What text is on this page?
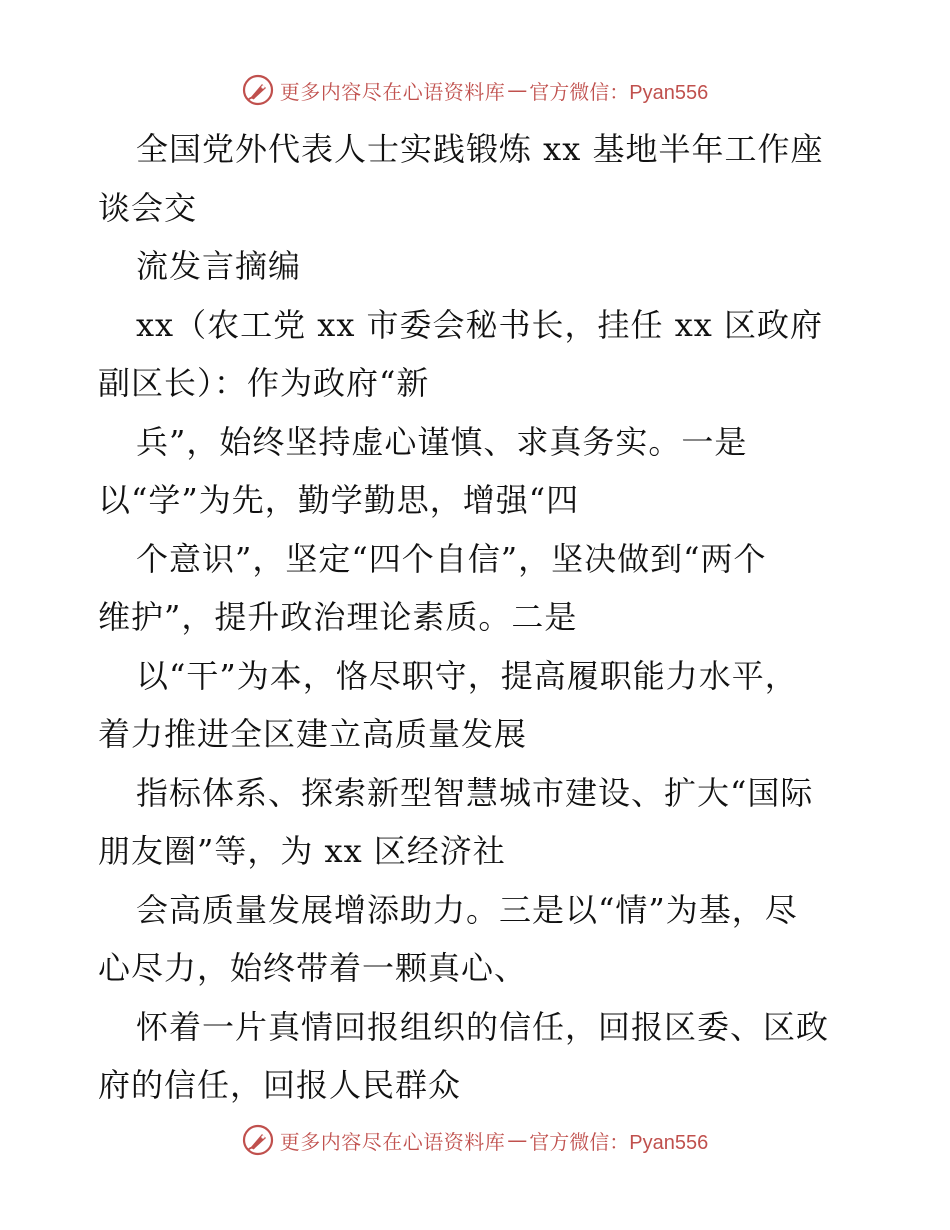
更多内容尽在心语资料库 — 官方微信：Pyan556
全国党外代表人士实践锻炼 xx 基地半年工作座
谈会交
流发言摘编
xx（农工党 xx 市委会秘书长，挂任 xx 区政府
副区长）：作为政府“新
兵”，始终坚持虚心谨慎、求真务实。一是
以“学”为先，勤学勤思，增强“四
个意识”，坚定“四个自信”，坚决做到“两个
维护”，提升政治理论素质。二是
以“干”为本，恪尽职守，提高履职能力水平，
着力推进全区建立高质量发展
指标体系、探索新型智慧城市建设、扩大“国际
朋友圈”等，为 xx 区经济社
会高质量发展增添助力。三是以“情”为基，尽
心尽力，始终带着一颗真心、
怀着一片真情回报组织的信任，回报区委、区政
府的信任，回报人民群众
更多内容尽在心语资料库 — 官方微信：Pyan556
